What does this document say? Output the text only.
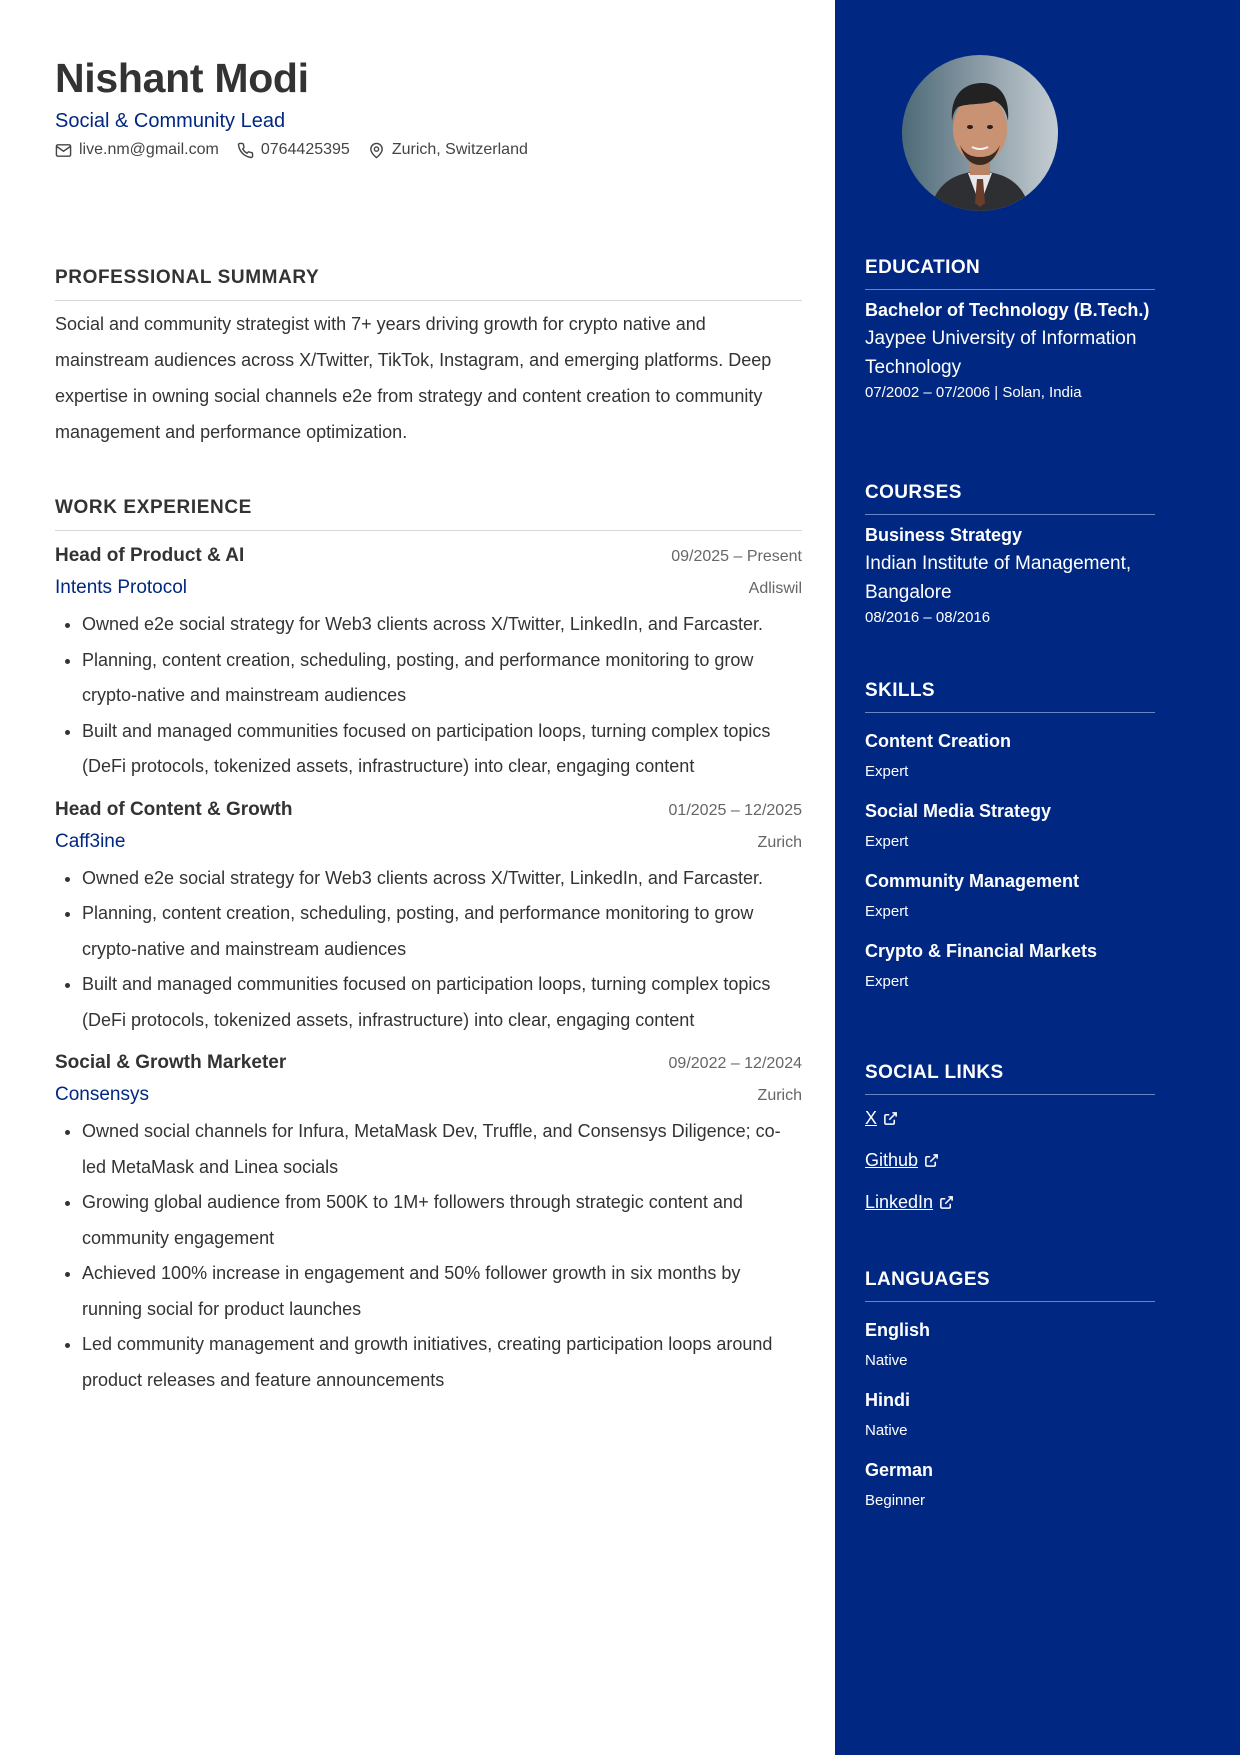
Nishant Modi
Social & Community Lead
live.nm@gmail.com	0764425395	Zurich, Switzerland
PROFESSIONAL SUMMARY
Social and community strategist with 7+ years driving growth for crypto native and mainstream audiences across X/Twitter, TikTok, Instagram, and emerging platforms. Deep expertise in owning social channels e2e from strategy and content creation to community management and performance optimization.
WORK EXPERIENCE
Head of Product & AI	09/2025 – Present
Intents Protocol	Adliswil
• Owned e2e social strategy for Web3 clients across X/Twitter, LinkedIn, and Farcaster.
• Planning, content creation, scheduling, posting, and performance monitoring to grow crypto-native and mainstream audiences
• Built and managed communities focused on participation loops, turning complex topics (DeFi protocols, tokenized assets, infrastructure) into clear, engaging content
Head of Content & Growth	01/2025 – 12/2025
Caff3ine	Zurich
• Owned e2e social strategy for Web3 clients across X/Twitter, LinkedIn, and Farcaster.
• Planning, content creation, scheduling, posting, and performance monitoring to grow crypto-native and mainstream audiences
• Built and managed communities focused on participation loops, turning complex topics (DeFi protocols, tokenized assets, infrastructure) into clear, engaging content
Social & Growth Marketer	09/2022 – 12/2024
Consensys	Zurich
• Owned social channels for Infura, MetaMask Dev, Truffle, and Consensys Diligence; co-led MetaMask and Linea socials
• Growing global audience from 500K to 1M+ followers through strategic content and community engagement
• Achieved 100% increase in engagement and 50% follower growth in six months by running social for product launches
• Led community management and growth initiatives, creating participation loops around product releases and feature announcements
EDUCATION
Bachelor of Technology (B.Tech.)
Jaypee University of Information Technology
07/2002 – 07/2006 | Solan, India
COURSES
Business Strategy
Indian Institute of Management, Bangalore
08/2016 – 08/2016
SKILLS
Content Creation
Expert
Social Media Strategy
Expert
Community Management
Expert
Crypto & Financial Markets
Expert
SOCIAL LINKS
X
Github
LinkedIn
LANGUAGES
English
Native
Hindi
Native
German
Beginner
